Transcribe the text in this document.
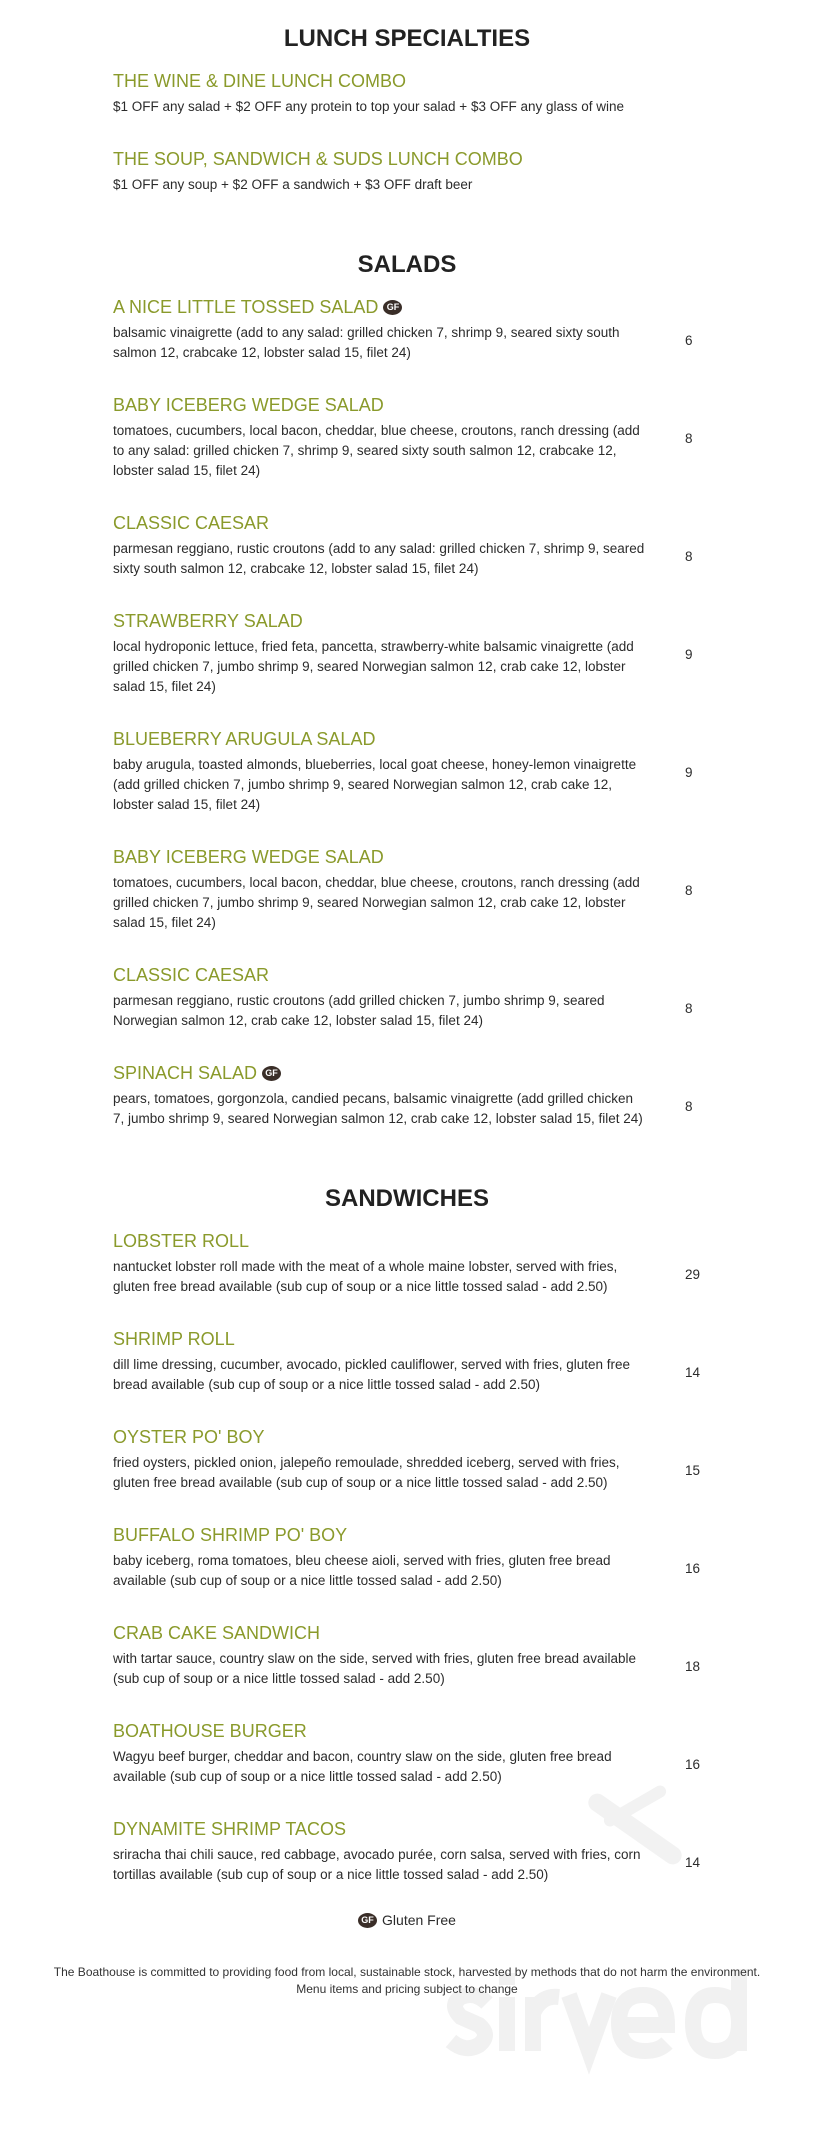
LUNCH SPECIALTIES
THE WINE & DINE LUNCH COMBO
$1 OFF any salad + $2 OFF any protein to top your salad + $3 OFF any glass of wine
THE SOUP, SANDWICH & SUDS LUNCH COMBO
$1 OFF any soup + $2 OFF a sandwich + $3 OFF draft beer
SALADS
A NICE LITTLE TOSSED SALAD GF
balsamic vinaigrette (add to any salad: grilled chicken 7, shrimp 9, seared sixty south salmon 12, crabcake 12, lobster salad 15, filet 24)
6
BABY ICEBERG WEDGE SALAD
tomatoes, cucumbers, local bacon, cheddar, blue cheese, croutons, ranch dressing (add to any salad: grilled chicken 7, shrimp 9, seared sixty south salmon 12, crabcake 12, lobster salad 15, filet 24)
8
CLASSIC CAESAR
parmesan reggiano, rustic croutons (add to any salad: grilled chicken 7, shrimp 9, seared sixty south salmon 12, crabcake 12, lobster salad 15, filet 24)
8
STRAWBERRY SALAD
local hydroponic lettuce, fried feta, pancetta, strawberry-white balsamic vinaigrette (add grilled chicken 7, jumbo shrimp 9, seared Norwegian salmon 12, crab cake 12, lobster salad 15, filet 24)
9
BLUEBERRY ARUGULA SALAD
baby arugula, toasted almonds, blueberries, local goat cheese, honey-lemon vinaigrette (add grilled chicken 7, jumbo shrimp 9, seared Norwegian salmon 12, crab cake 12, lobster salad 15, filet 24)
9
BABY ICEBERG WEDGE SALAD
tomatoes, cucumbers, local bacon, cheddar, blue cheese, croutons, ranch dressing (add grilled chicken 7, jumbo shrimp 9, seared Norwegian salmon 12, crab cake 12, lobster salad 15, filet 24)
8
CLASSIC CAESAR
parmesan reggiano, rustic croutons (add grilled chicken 7, jumbo shrimp 9, seared Norwegian salmon 12, crab cake 12, lobster salad 15, filet 24)
8
SPINACH SALAD GF
pears, tomatoes, gorgonzola, candied pecans, balsamic vinaigrette (add grilled chicken 7, jumbo shrimp 9, seared Norwegian salmon 12, crab cake 12, lobster salad 15, filet 24)
8
SANDWICHES
LOBSTER ROLL
nantucket lobster roll made with the meat of a whole maine lobster, served with fries, gluten free bread available (sub cup of soup or a nice little tossed salad - add 2.50)
29
SHRIMP ROLL
dill lime dressing, cucumber, avocado, pickled cauliflower, served with fries, gluten free bread available (sub cup of soup or a nice little tossed salad - add 2.50)
14
OYSTER PO' BOY
fried oysters, pickled onion, jalepeño remoulade, shredded iceberg, served with fries, gluten free bread available (sub cup of soup or a nice little tossed salad - add 2.50)
15
BUFFALO SHRIMP PO' BOY
baby iceberg, roma tomatoes, bleu cheese aioli, served with fries, gluten free bread available (sub cup of soup or a nice little tossed salad - add 2.50)
16
CRAB CAKE SANDWICH
with tartar sauce, country slaw on the side, served with fries, gluten free bread available (sub cup of soup or a nice little tossed salad - add 2.50)
18
BOATHOUSE BURGER
Wagyu beef burger, cheddar and bacon, country slaw on the side, gluten free bread available (sub cup of soup or a nice little tossed salad - add 2.50)
16
DYNAMITE SHRIMP TACOS
sriracha thai chili sauce, red cabbage, avocado purée, corn salsa, served with fries, corn tortillas available (sub cup of soup or a nice little tossed salad - add 2.50)
14
GF Gluten Free
The Boathouse is committed to providing food from local, sustainable stock, harvested by methods that do not harm the environment.
Menu items and pricing subject to change
